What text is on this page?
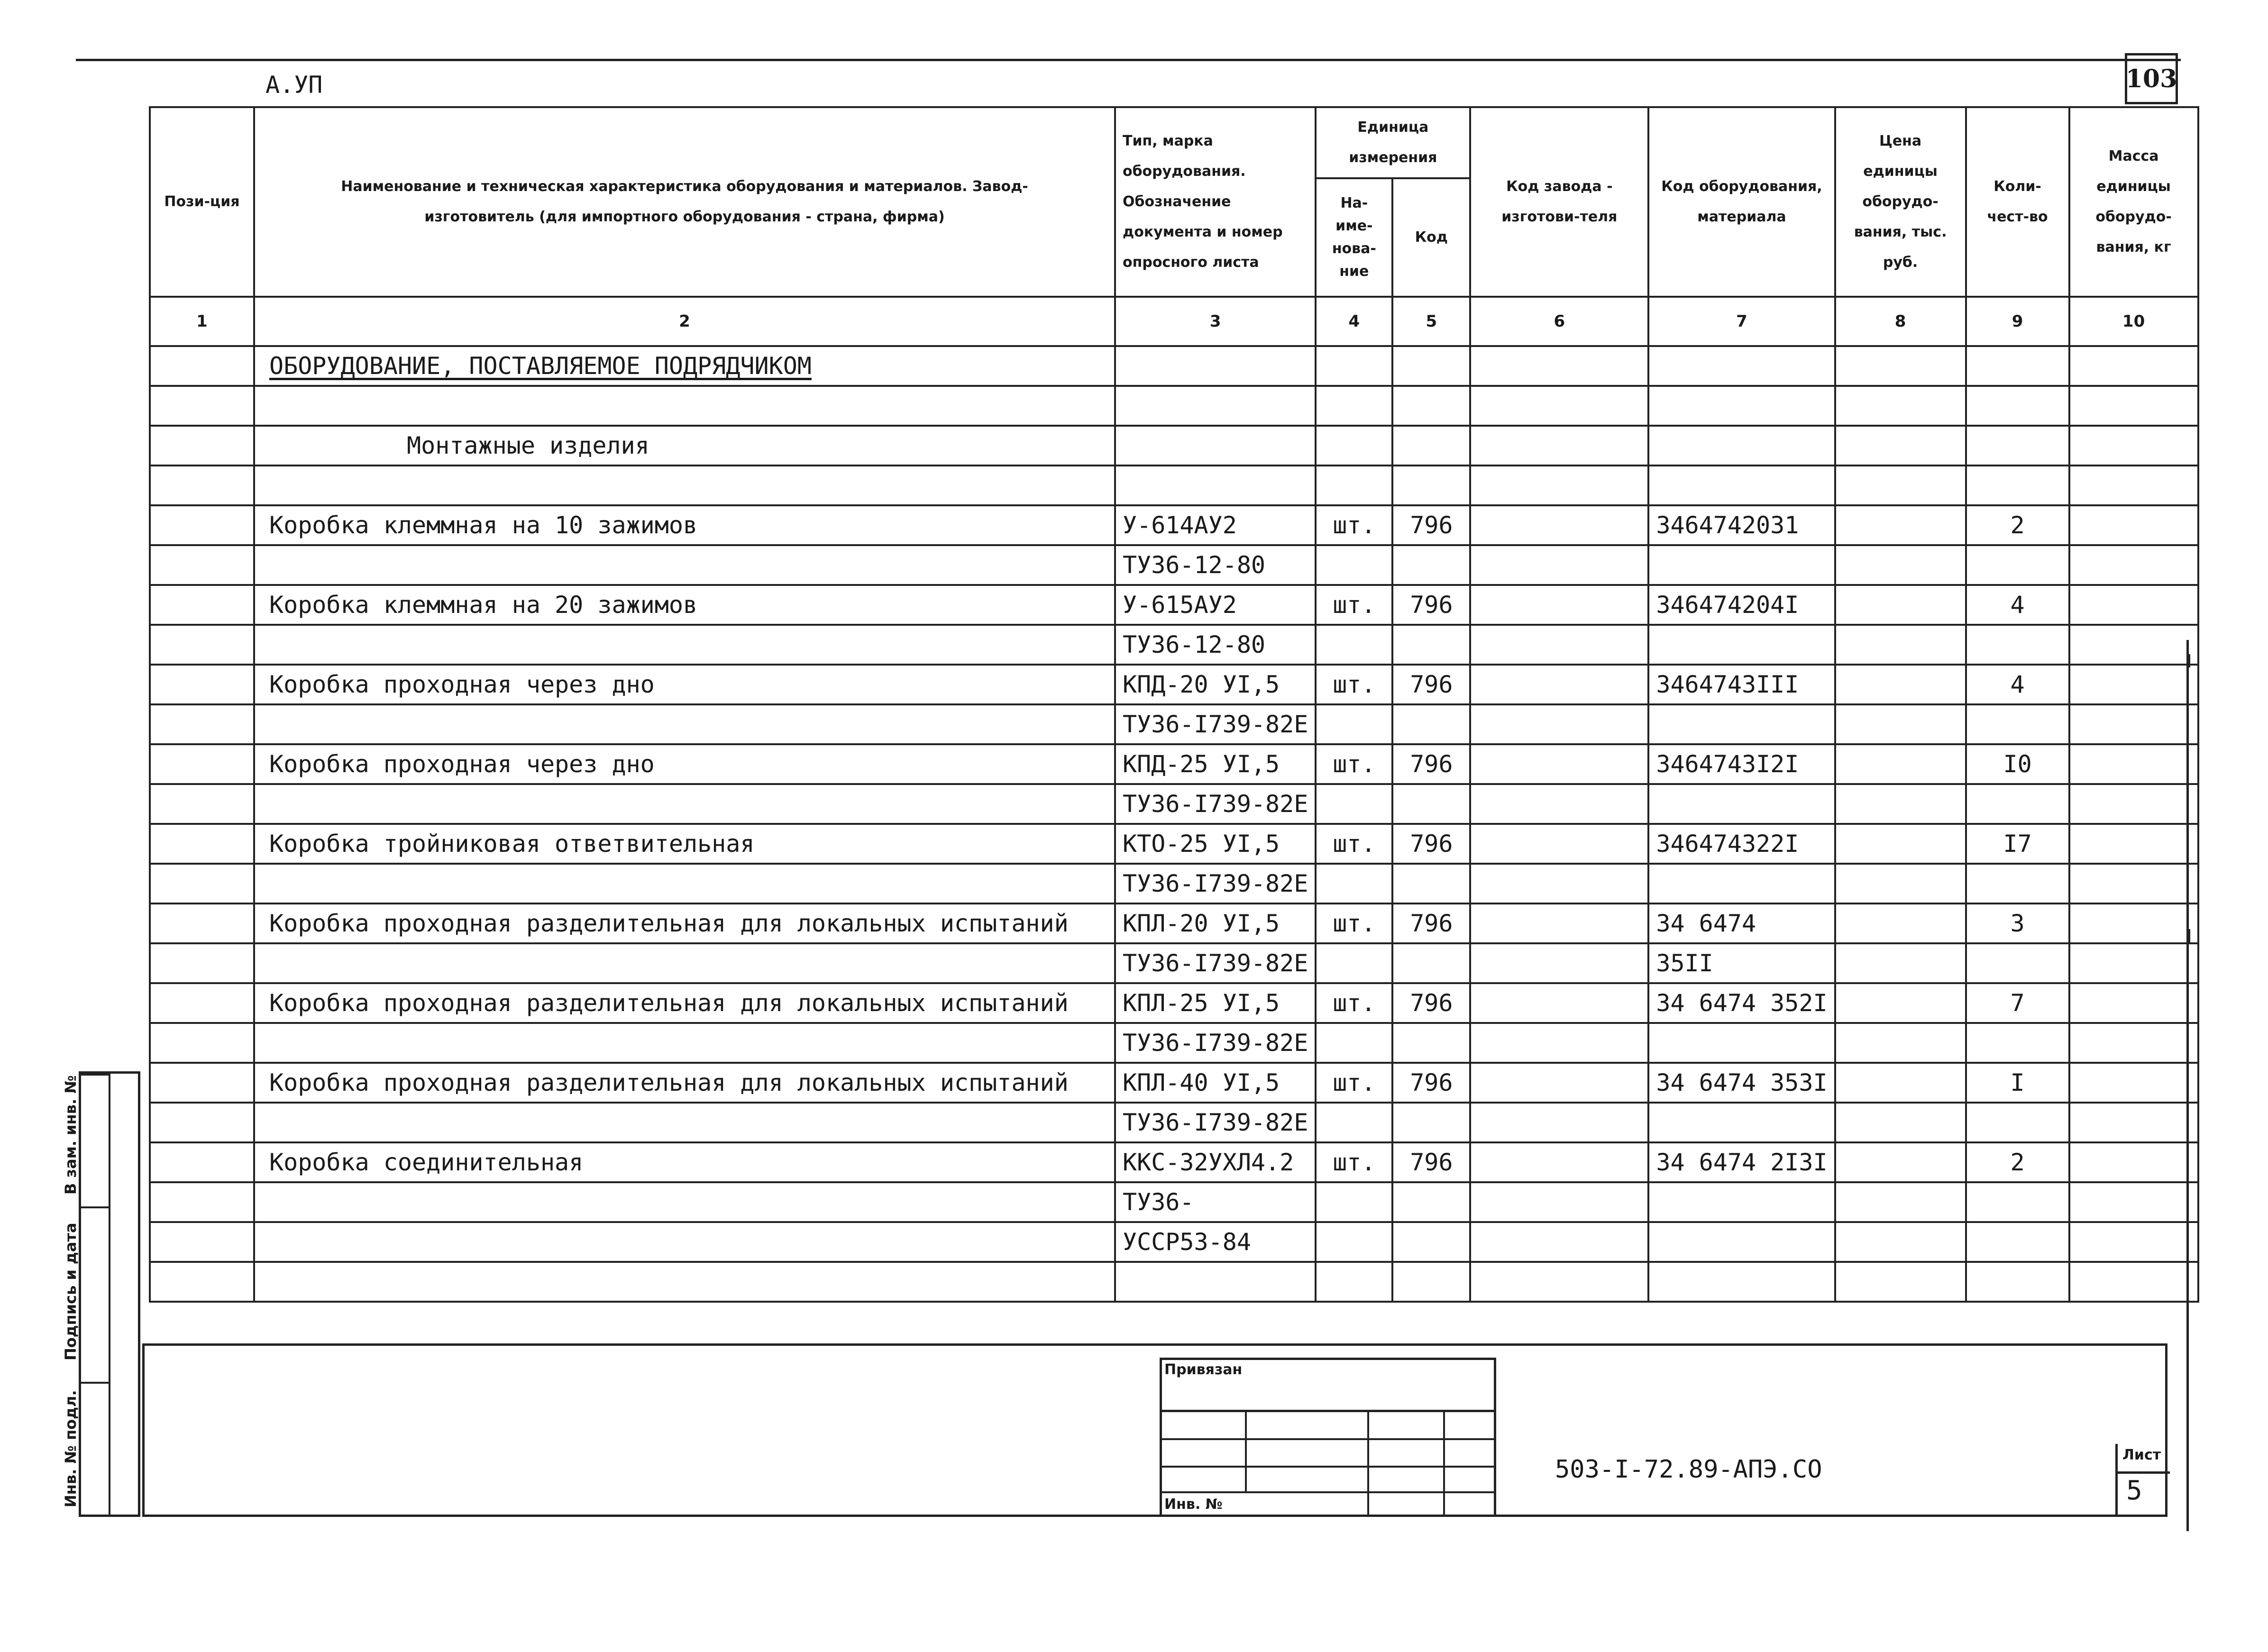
103
А.УП
Пози-ция	Наименование и техническая характеристика оборудования и материалов. Завод-изготовитель (для импортного оборудования - страна, фирма)	Тип, марка оборудования. Обозначение документа и номер опросного листа	Единица измерения		Код завода - изготови-теля	Код оборудования, материала	Цена единицы оборудо-вания, тыс. руб.	Коли-чест-во	Масса единицы оборудо-вания, кг
			На-име-нова-ние	Код					
1	2	3	4	5	6	7	8	9	10
	ОБОРУДОВАНИЕ, ПОСТАВЛЯЕМОЕ ПОДРЯДЧИКОМ								

	Монтажные изделия								

	Коробка клеммная на 10 зажимов	У-614АУ2	шт.	796		34647420З1		2	
		ТУ36-12-80							
	Коробка клеммная на 20 зажимов	У-615АУ2	шт.	796		346474204I		4	
		ТУ36-12-80							
	Коробка проходная через дно	КПД-20 УI,5	шт.	796		3464743III		4	
		ТУ36-I739-82Е							
	Коробка проходная через дно	КПД-25 УI,5	шт.	796		3464743I2I		I0	
		ТУ36-I739-82Е							
	Коробка тройниковая ответвительная	КТО-25 УI,5	шт.	796		346474322I		I7	
		ТУ36-I739-82Е							
	Коробка проходная разделительная для локальных испытаний	КПЛ-20 УI,5	шт.	796		34 6474		3	
		ТУ36-I739-82Е				35II			
	Коробка проходная разделительная для локальных испытаний	КПЛ-25 УI,5	шт.	796		34 6474 352I		7	
		ТУ36-I739-82Е							
	Коробка проходная разделительная для локальных испытаний	КПЛ-40 УI,5	шт.	796		34 6474 353I		I	
		ТУ36-I739-82Е							
	Коробка соединительная	ККС-32УХЛ4.2	шт.	796		34 6474 2I3I		2	
		ТУ36-							
		УССР53-84							

В зам. инв. №
Подпись и дата
Инв. № подл.
Привязан
Инв. №
503-I-72.89-АПЭ.СО
Лист
5
